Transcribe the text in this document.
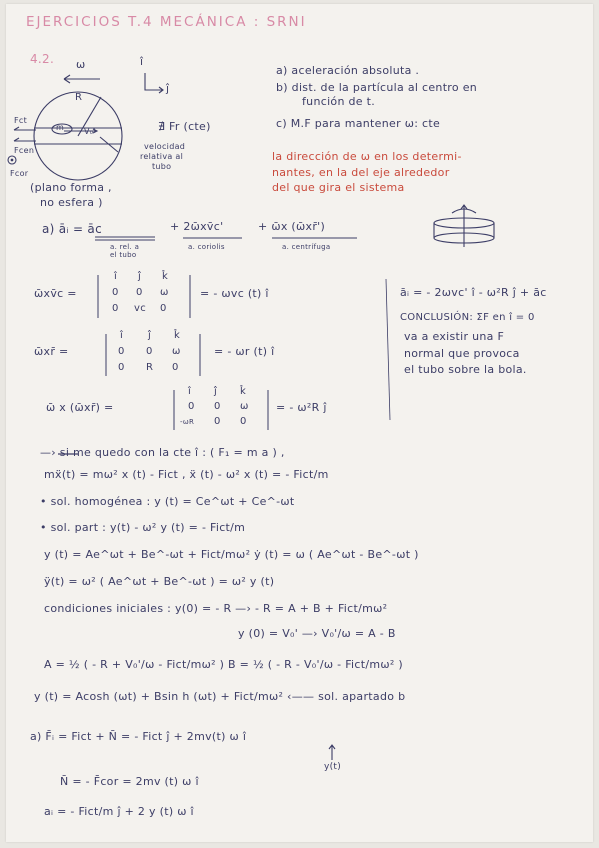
EJERCICIOS T.4 MECÁNICA : SRNI
4.2. ω	î
ĵ
R
m V₀'
Fct
Fcen
Fcor
(plano forma ,
no esfera )
a) aceleración absoluta .
b) dist. de la partícula al centro en
función de t.
c) M.F para mantener ω: cte
∄ Fr (cte)
velocidad
relativa al
tubo
la dirección de ω en los determi-
nantes, en la del eje alrededor
del que gira el sistema
a) āᵢ = āc	+ 2ω̄xv̄c'	+ ω̄x (ω̄xr̄')
a. rel. a
el tubo
a. coriolis	a. centrífuga
ω̄xv̄c =
î ĵ k̂
0 0 ω
0 vc 0
= - ωvc (t) î
ω̄xr̄ =
î ĵ k̂
0 0 ω
0 R 0
= - ωr (t) î
ω̄ x (ω̄xr̄) =
î ĵ k̂
0 0 ω
-ωR 0 0
= - ω²R ĵ
āᵢ = - 2ωvc' î - ω²R ĵ + āc
CONCLUSIÓN: ΣF en î = 0
va a existir una F
normal que provoca
el tubo sobre la bola.
—› si me quedo con la cte î : ( F₁ = m a ) ,
mẍ(t) = mω² x (t) - Fict , ẍ (t) - ω² x (t) = - Fict/m
• sol. homogénea : y (t) = Ce^ωt + Ce^-ωt
• sol. part : y(t) - ω² y (t) = - Fict/m
y (t) = Ae^ωt + Be^-ωt + Fict/mω² ẏ (t) = ω ( Ae^ωt - Be^-ωt )
ÿ(t) = ω² ( Ae^ωt + Be^-ωt ) = ω² y (t)
condiciones iniciales : y(0) = - R —› - R = A + B + Fict/mω²
y (0) = V₀' —› V₀'/ω = A - B
A = ½ ( - R + V₀'/ω - Fict/mω² ) B = ½ ( - R - V₀'/ω - Fict/mω² )
y (t) = Acosh (ωt) + Bsin h (ωt) + Fict/mω² ‹—— sol. apartado b
a) F̄ᵢ = Fict + N̄ = - Fict ĵ + 2mv(t) ω î
y(t)
N̄ = - F̄cor = 2mv (t) ω î
aᵢ = - Fict/m ĵ + 2 y (t) ω î
